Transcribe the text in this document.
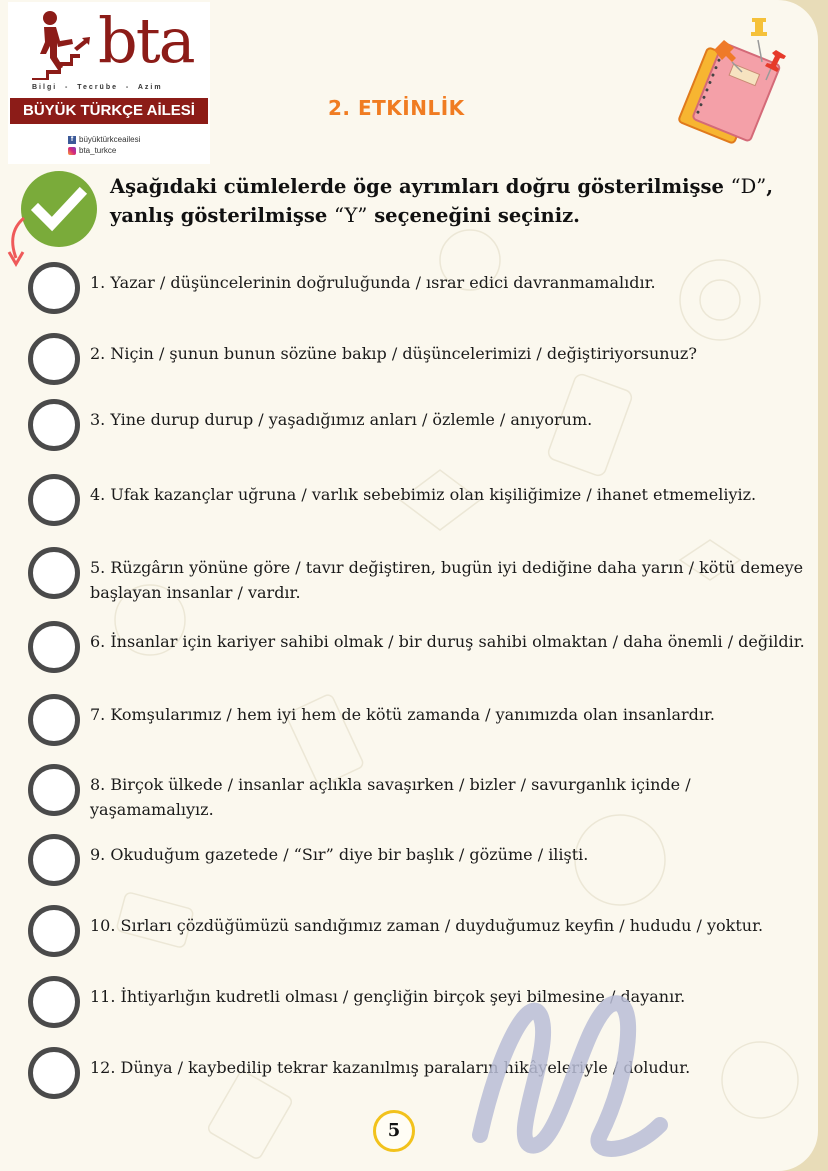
bta
Bilgi  -  Tecrübe  -  Azim
BÜYÜK TÜRKÇE AİLESİ
f büyüktürkceailesi
bta_turkce
2. ETKİNLİK
Aşağıdaki cümlelerde öge ayrımları doğru gösterilmişse “D”, yanlış gösterilmişse “Y” seçeneğini seçiniz.
1. Yazar / düşüncelerinin doğruluğunda / ısrar edici davranmamalıdır.
2. Niçin / şunun bunun sözüne bakıp / düşüncelerimizi / değiştiriyorsunuz?
3. Yine durup durup / yaşadığımız anları / özlemle / anıyorum.
4. Ufak kazançlar uğruna / varlık sebebimiz olan kişiliğimize / ihanet etmemeliyiz.
5. Rüzgârın yönüne göre / tavır değiştiren, bugün iyi dediğine daha yarın / kötü demeye başlayan insanlar / vardır.
6. İnsanlar için kariyer sahibi olmak / bir duruş sahibi olmaktan / daha önemli / değildir.
7. Komşularımız / hem iyi hem de kötü zamanda / yanımızda olan insanlardır.
8. Birçok ülkede / insanlar açlıkla savaşırken / bizler / savurganlık içinde / yaşamamalıyız.
9. Okuduğum gazetede / “Sır” diye bir başlık / gözüme / ilişti.
10. Sırları çözdüğümüzü sandığımız zaman / duyduğumuz keyfin / hududu / yoktur.
11. İhtiyarlığın kudretli olması / gençliğin birçok şeyi bilmesine / dayanır.
12. Dünya / kaybedilip tekrar kazanılmış paraların hikâyeleriyle / doludur.
5
